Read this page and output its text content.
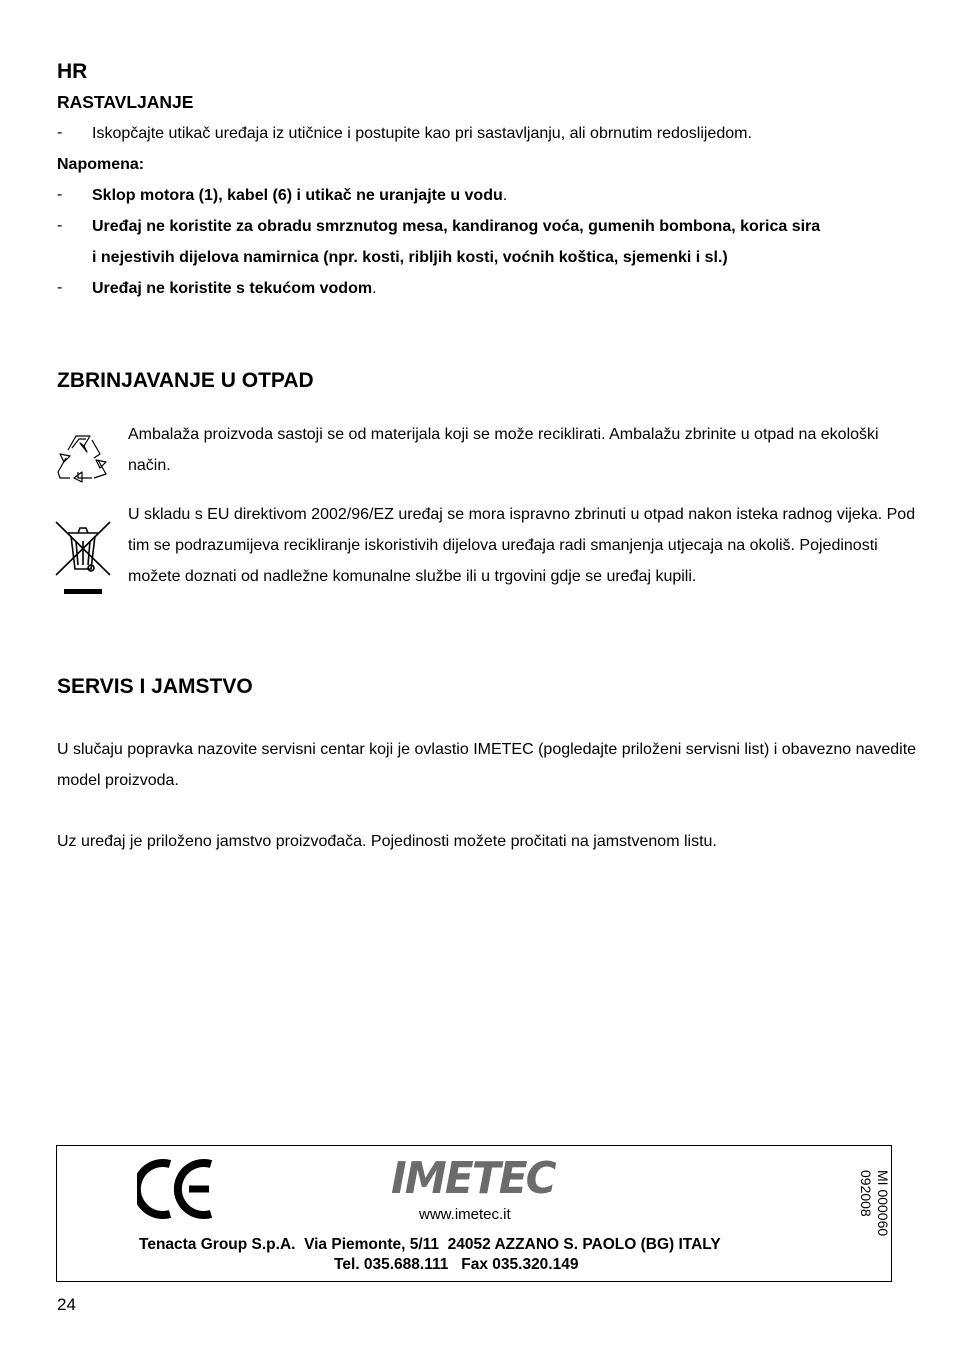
HR
RASTAVLJANJE
- Iskopčajte utikač uređaja iz utičnice i postupite kao pri sastavljanju, ali obrnutim redoslijedom.
Napomena:
- Sklop motora (1), kabel (6) i utikač ne uranjajte u vodu.
- Uređaj ne koristite za obradu smrznutog mesa, kandiranog voća, gumenih bombona, korica sira
i nejestivih dijelova namirnica (npr. kosti, ribljih kosti, voćnih koštica, sjemenki i sl.)
- Uređaj ne koristite s tekućom vodom.
ZBRINJAVANJE U OTPAD
Ambalaža proizvoda sastoji se od materijala koji se može reciklirati. Ambalažu zbrinite u otpad na ekološki način.
U skladu s EU direktivom 2002/96/EZ uređaj se mora ispravno zbrinuti u otpad nakon isteka radnog vijeka. Pod tim se podrazumijeva recikliranje iskoristivih dijelova uređaja radi smanjenja utjecaja na okoliš. Pojedinosti možete doznati od nadležne komunalne službe ili u trgovini gdje se uređaj kupili.
SERVIS I JAMSTVO
U slučaju popravka nazovite servisni centar koji je ovlastio IMETEC (pogledajte priloženi servisni list) i obavezno navedite model proizvoda.
Uz uređaj je priloženo jamstvo proizvođača. Pojedinosti možete pročitati na jamstvenom listu.
IMETEC
www.imetec.it
Tenacta Group S.p.A.  Via Piemonte, 5/11  24052 AZZANO S. PAOLO (BG) ITALY
Tel. 035.688.111   Fax 035.320.149
MI 000060
092008
24
